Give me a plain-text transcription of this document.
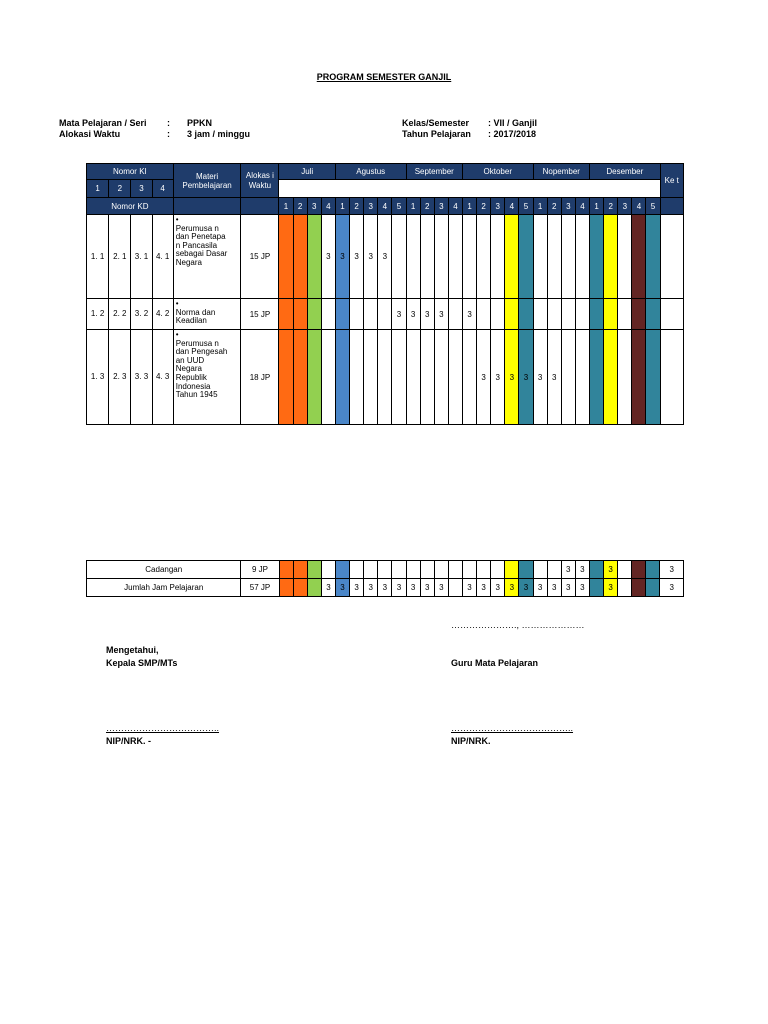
PROGRAM SEMESTER GANJIL
Mata Pelajaran / Seri : PPKN
Alokasi Waktu	: 3 jam / minggu
Kelas/Semester : VII / Ganjil
Tahun Pelajaran : 2017/2018
Nomor KI				Materi Pembelajaran	Alokas i Waktu	Juli				Agustus					September				Oktober					Nopember				Desember					Ke t
1	2	3	4																														
Nomor KD						1	2	3	4	1	2	3	4	5	1	2	3	4	1	2	3	4	5	1	2	3	4	1	2	3	4	5	
1. 1	2. 1	3. 1	4. 1	•Perumusa n dan Penetapa n Pancasila sebagai Dasar Negara	15 JP				3	3	3	3	3																				
1. 2	2. 2	3. 2	4. 2	•Norma dan Keadilan	15 JP									3	3	3	3		3														
1. 3	2. 3	3. 3	4. 3	•Perumusa n dan Pengesah an UUD Negara Republik Indonesia Tahun 1945	18 JP															3	3	3	3	3	3								
Cadangan	9 JP																					3	3		3				3
Jumlah Jam Pelajaran	57 JP				3	3	3	3	3	3	3	3	3		3	3	3	3	3	3	3	3	3		3				3
…………………., …………………
Mengetahui,
Kepala SMP/MTs	Guru Mata Pelajaran
………………………………..	…………………………………..
NIP/NRK. -	NIP/NRK.
